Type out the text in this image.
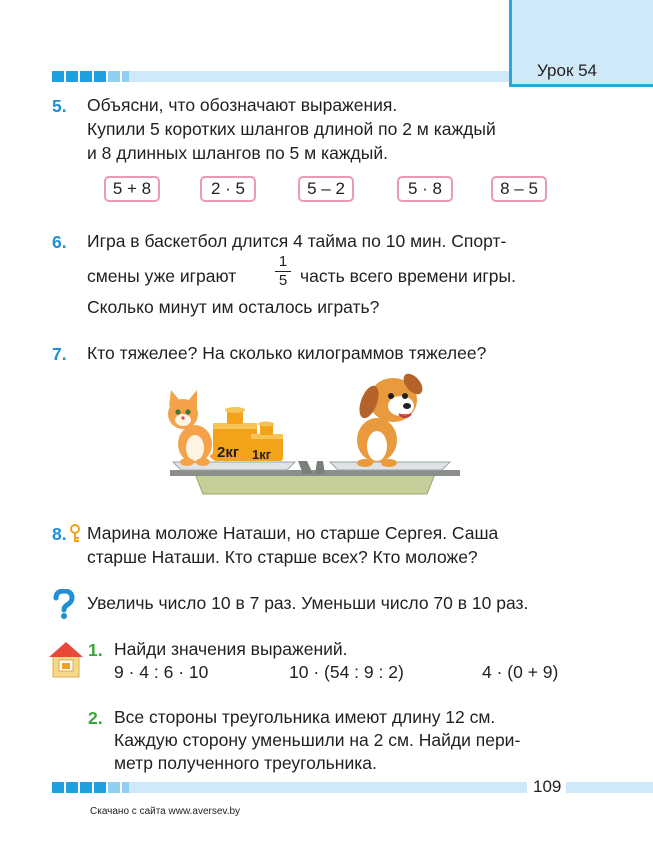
Урок 54
5. Объясни, что обозначают выражения.
Купили 5 коротких шлангов длиной по 2 м каждый
и 8 длинных шлангов по 5 м каждый.
5 + 8	2 · 5	5 – 2	5 · 8	8 – 5
6. Игра в баскетбол длится 4 тайма по 10 мин. Спорт-
смены уже играют
1
5 часть всего времени игры.
Сколько минут им осталось играть?
7. Кто тяжелее? На сколько килограммов тяжелее?
2кг 1кг
8. Марина моложе Наташи, но старше Сергея. Саша
старше Наташи. Кто старше всех? Кто моложе?
Увеличь число 10 в 7 раз. Уменьши число 70 в 10 раз.
1. Найди значения выражений.
9 · 4 : 6 · 10	10 · (54 : 9 : 2)	4 · (0 + 9)
2. Все стороны треугольника имеют длину 12 см.
Каждую сторону уменьшили на 2 см. Найди пери-
метр полученного треугольника.
109
Скачано с сайта www.aversev.by
